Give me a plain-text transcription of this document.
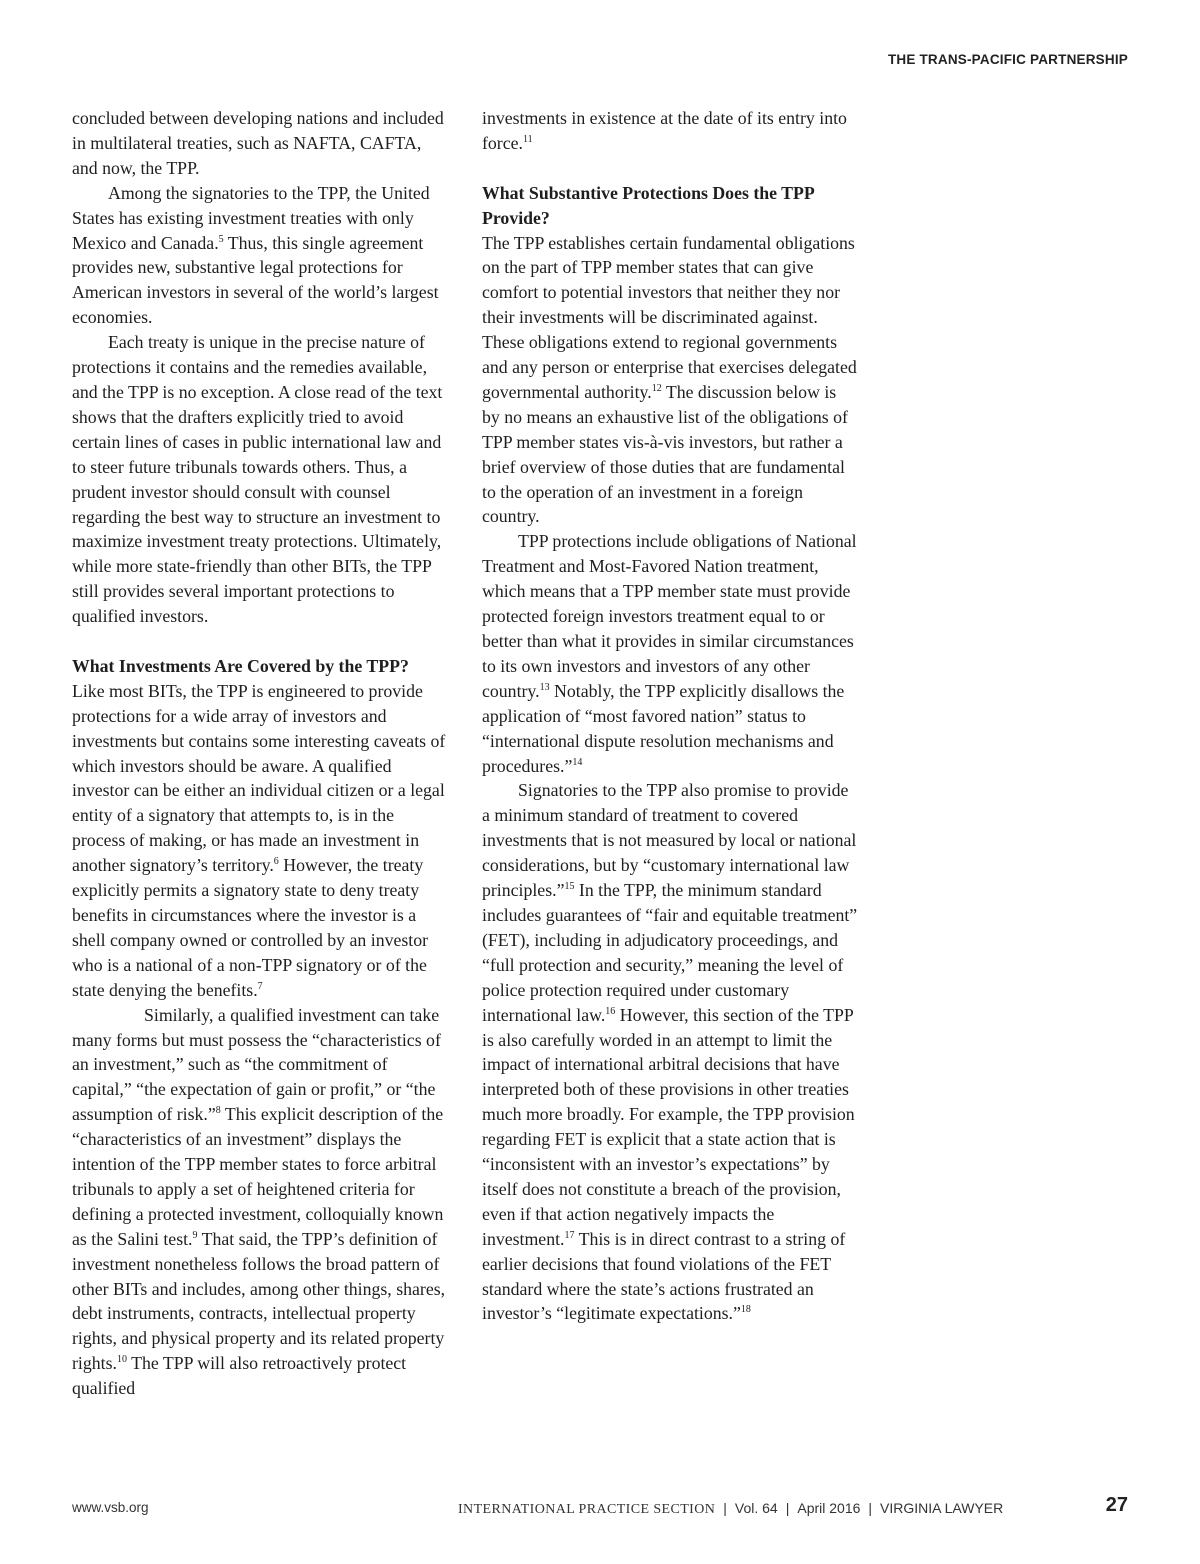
THE TRANS-PACIFIC PARTNERSHIP

concluded between developing nations and included in multilateral treaties, such as NAFTA, CAFTA, and now, the TPP.

Among the signatories to the TPP, the United States has existing investment treaties with only Mexico and Canada.$^5$ Thus, this single agreement provides new, substantive legal protections for American investors in several of the world’s largest economies.

Each treaty is unique in the precise nature of protections it contains and the remedies available, and the TPP is no exception. A close read of the text shows that the drafters explicitly tried to avoid certain lines of cases in public international law and to steer future tribunals towards others. Thus, a prudent investor should consult with counsel regarding the best way to structure an investment to maximize investment treaty protections. Ultimately, while more state-friendly than other BITs, the TPP still provides several important protections to qualified investors.

What Investments Are Covered by the TPP?

Like most BITs, the TPP is engineered to provide protections for a wide array of investors and investments but contains some interesting caveats of which investors should be aware. A qualified investor can be either an individual citizen or a legal entity of a signatory that attempts to, is in the process of making, or has made an investment in another signatory’s territory.$^6$ However, the treaty explicitly permits a signatory state to deny treaty benefits in circumstances where the investor is a shell company owned or controlled by an investor who is a national of a non-TPP signatory or of the state denying the benefits.$^7$

Similarly, a qualified investment can take many forms but must possess the “characteristics of an investment,” such as “the commitment of capital,” “the expectation of gain or profit,” or “the assumption of risk.”$^8$ This explicit description of the “characteristics of an investment” displays the intention of the TPP member states to force arbitral tribunals to apply a set of heightened criteria for defining a protected investment, colloquially known as the Salini test.$^9$ That said, the TPP’s definition of investment nonetheless follows the broad pattern of other BITs and includes, among other things, shares, debt instruments, contracts, intellectual property rights, and physical property and its related property rights.$^{10}$ The TPP will also retroactively protect qualified

investments in existence at the date of its entry into force.$^{11}$

What Substantive Protections Does the TPP Provide?

The TPP establishes certain fundamental obligations on the part of TPP member states that can give comfort to potential investors that neither they nor their investments will be discriminated against. These obligations extend to regional governments and any person or enterprise that exercises delegated governmental authority.$^{12}$ The discussion below is by no means an exhaustive list of the obligations of TPP member states vis-à-vis investors, but rather a brief overview of those duties that are fundamental to the operation of an investment in a foreign country.

TPP protections include obligations of National Treatment and Most-Favored Nation treatment, which means that a TPP member state must provide protected foreign investors treatment equal to or better than what it provides in similar circumstances to its own investors and investors of any other country.$^{13}$ Notably, the TPP explicitly disallows the application of “most favored nation” status to “international dispute resolution mechanisms and procedures.”$^{14}$

Signatories to the TPP also promise to provide a minimum standard of treatment to covered investments that is not measured by local or national considerations, but by “customary international law principles.”$^{15}$ In the TPP, the minimum standard includes guarantees of “fair and equitable treatment” (FET), including in adjudicatory proceedings, and “full protection and security,” meaning the level of police protection required under customary international law.$^{16}$ However, this section of the TPP is also carefully worded in an attempt to limit the impact of international arbitral decisions that have interpreted both of these provisions in other treaties much more broadly. For example, the TPP provision regarding FET is explicit that a state action that is “inconsistent with an investor’s expectations” by itself does not constitute a breach of the provision, even if that action negatively impacts the investment.$^{17}$ This is in direct contrast to a string of earlier decisions that found violations of the FET standard where the state’s actions frustrated an investor’s “legitimate expectations.”$^{18}$

www.vsb.org	INTERNATIONAL PRACTICE SECTION | Vol. 64 | April 2016 | VIRGINIA LAWYER	27
